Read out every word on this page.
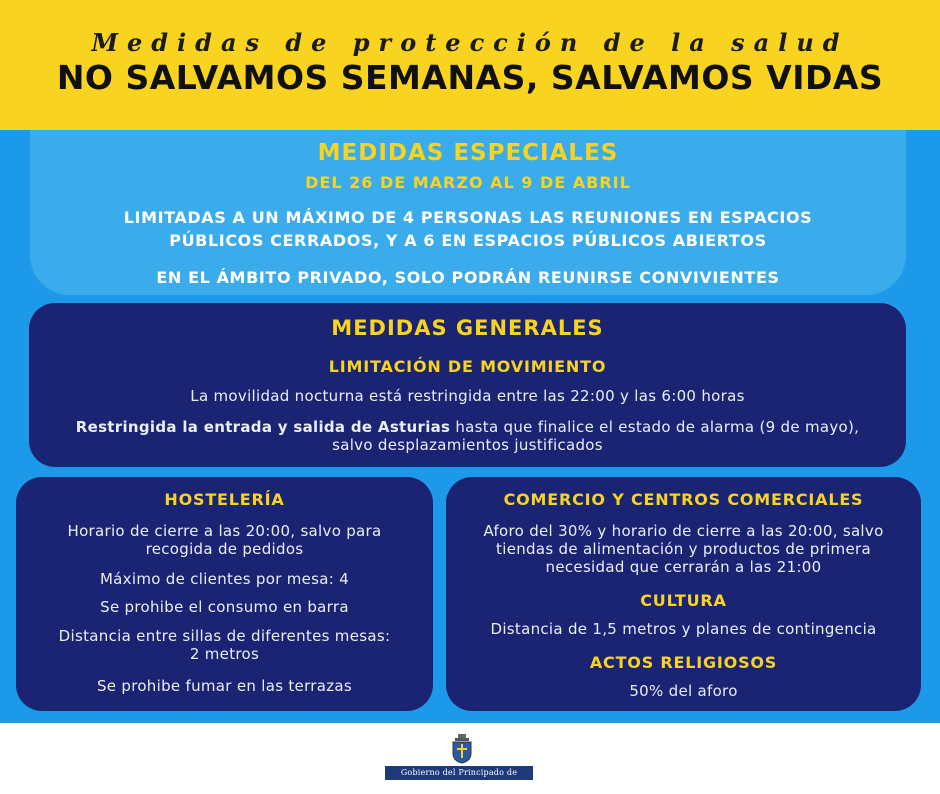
Medidas de protección de la salud
NO SALVAMOS SEMANAS, SALVAMOS VIDAS
MEDIDAS ESPECIALES
DEL 26 DE MARZO AL 9 DE ABRIL
LIMITADAS A UN MÁXIMO DE 4 PERSONAS LAS REUNIONES EN ESPACIOS
PÚBLICOS CERRADOS, Y A 6 EN ESPACIOS PÚBLICOS ABIERTOS
EN EL ÁMBITO PRIVADO, SOLO PODRÁN REUNIRSE CONVIVIENTES
MEDIDAS GENERALES
LIMITACIÓN DE MOVIMIENTO
La movilidad nocturna está restringida entre las 22:00 y las 6:00 horas
Restringida la entrada y salida de Asturias hasta que finalice el estado de alarma (9 de mayo),
salvo desplazamientos justificados
HOSTELERÍA
Horario de cierre a las 20:00, salvo para
recogida de pedidos
Máximo de clientes por mesa: 4
Se prohibe el consumo en barra
Distancia entre sillas de diferentes mesas:
2 metros
Se prohibe fumar en las terrazas
COMERCIO Y CENTROS COMERCIALES
Aforo del 30% y horario de cierre a las 20:00, salvo
tiendas de alimentación y productos de primera
necesidad que cerrarán a las 21:00
CULTURA
Distancia de 1,5 metros y planes de contingencia
ACTOS RELIGIOSOS
50% del aforo
Gobierno del Principado de Asturias
